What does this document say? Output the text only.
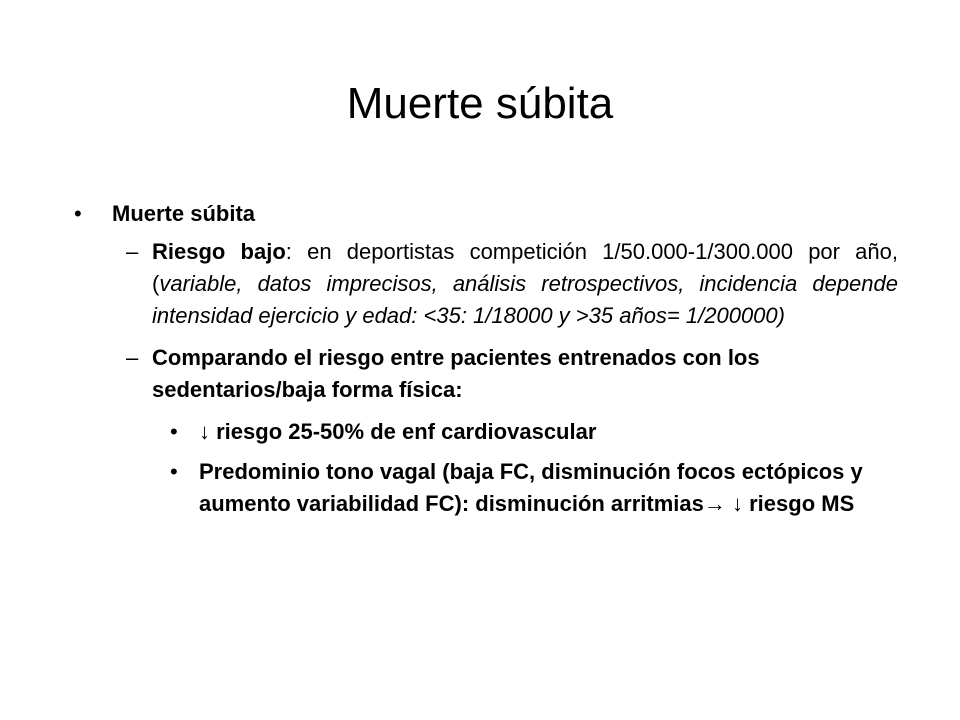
Muerte súbita
• Muerte súbita
– Riesgo bajo: en deportistas competición 1/50.000-1/300.000 por año, (variable, datos imprecisos, análisis retrospectivos, incidencia depende intensidad ejercicio y edad: <35: 1/18000 y >35 años= 1/200000)
– Comparando el riesgo entre pacientes entrenados con los sedentarios/baja forma física:
• ↓ riesgo 25-50% de enf cardiovascular
• Predominio tono vagal (baja FC, disminución focos ectópicos y aumento variabilidad FC): disminución arritmias→ ↓ riesgo MS
